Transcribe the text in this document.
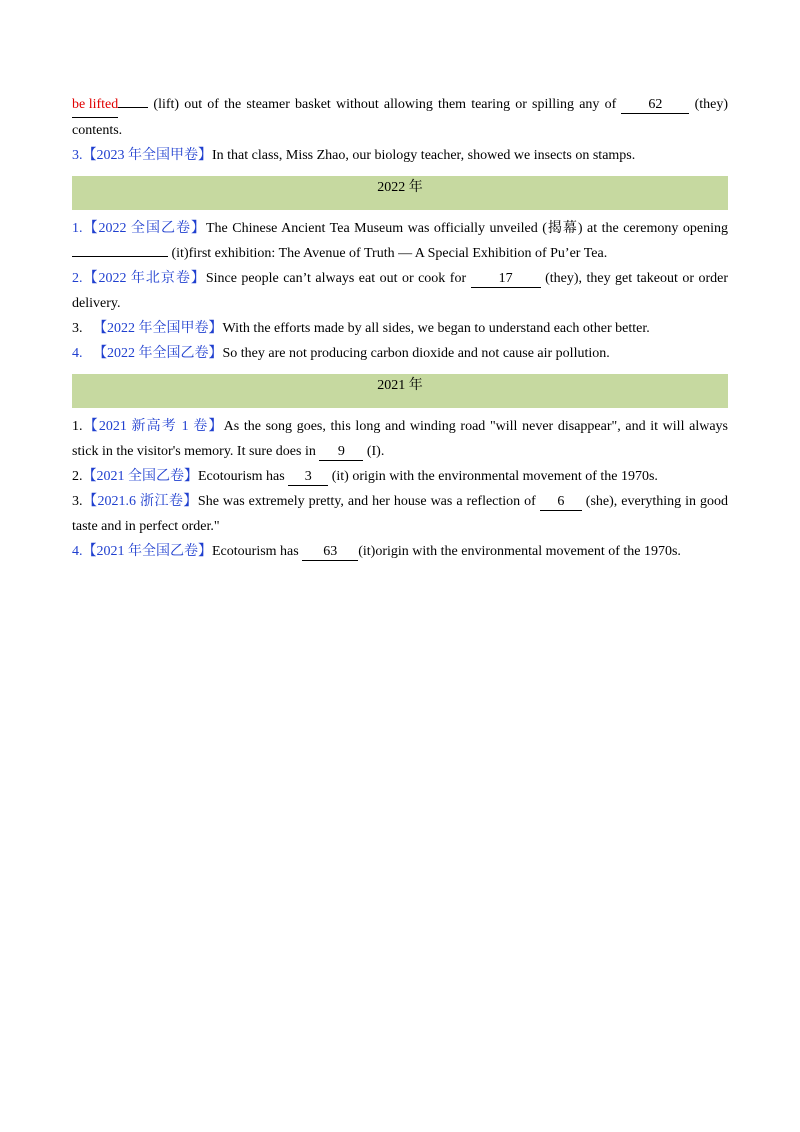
be lifted (lift) out of the steamer basket without allowing them tearing or spilling any of 62 (they) contents.

3.【2023 年全国甲卷】In that class, Miss Zhao, our biology teacher, showed we insects on stamps.

2022 年

1.【2022 全国乙卷】The Chinese Ancient Tea Museum was officially unveiled (揭幕) at the ceremony opening  (it)first exhibition: The Avenue of Truth — A Special Exhibition of Pu’er Tea.

2.【2022 年北京卷】Since people can’t always eat out or cook for 17 (they), they get takeout or order delivery.

3. 【2022 年全国甲卷】With the efforts made by all sides, we began to understand each other better.

4. 【2022 年全国乙卷】So they are not producing carbon dioxide and not cause air pollution.

2021 年

1.【2021 新高考 1 卷】As the song goes, this long and winding road "will never disappear", and it will always stick in the visitor's memory. It sure does in 9 (I).

2.【2021 全国乙卷】Ecotourism has 3 (it) origin with the environmental movement of the 1970s.

3.【2021.6 浙江卷】She was extremely pretty, and her house was a reflection of 6 (she), everything in good taste and in perfect order."

4.【2021 年全国乙卷】Ecotourism has 63 (it)origin with the environmental movement of the 1970s.
